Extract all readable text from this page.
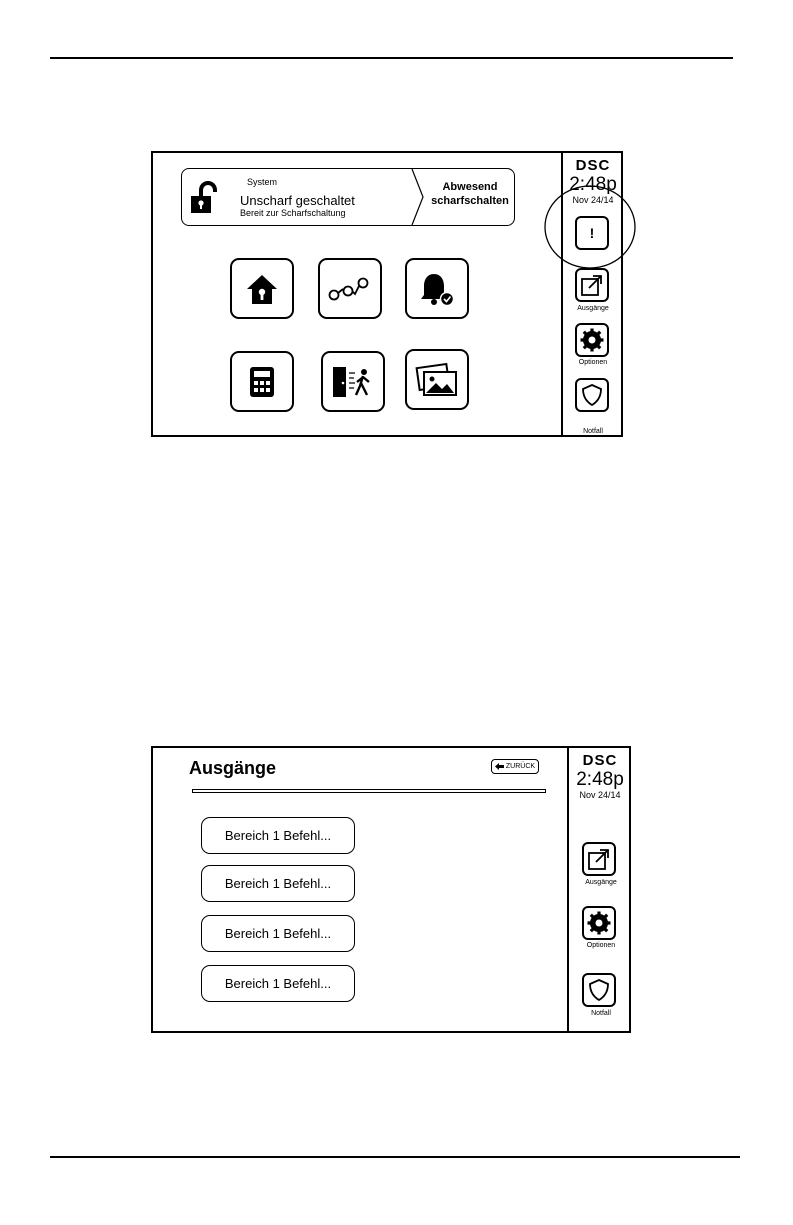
System
Unscharf geschaltet
Bereit zur Scharfschaltung
Abwesend
scharfschalten
DSC
2:48p
Nov 24/14
!
Ausgänge
Optionen
Notfall
Ausgänge	ZURÜCK
Bereich 1 Befehl...
Bereich 1 Befehl...
Bereich 1 Befehl...
Bereich 1 Befehl...
DSC
2:48p
Nov 24/14
Ausgänge
Optionen
Notfall
